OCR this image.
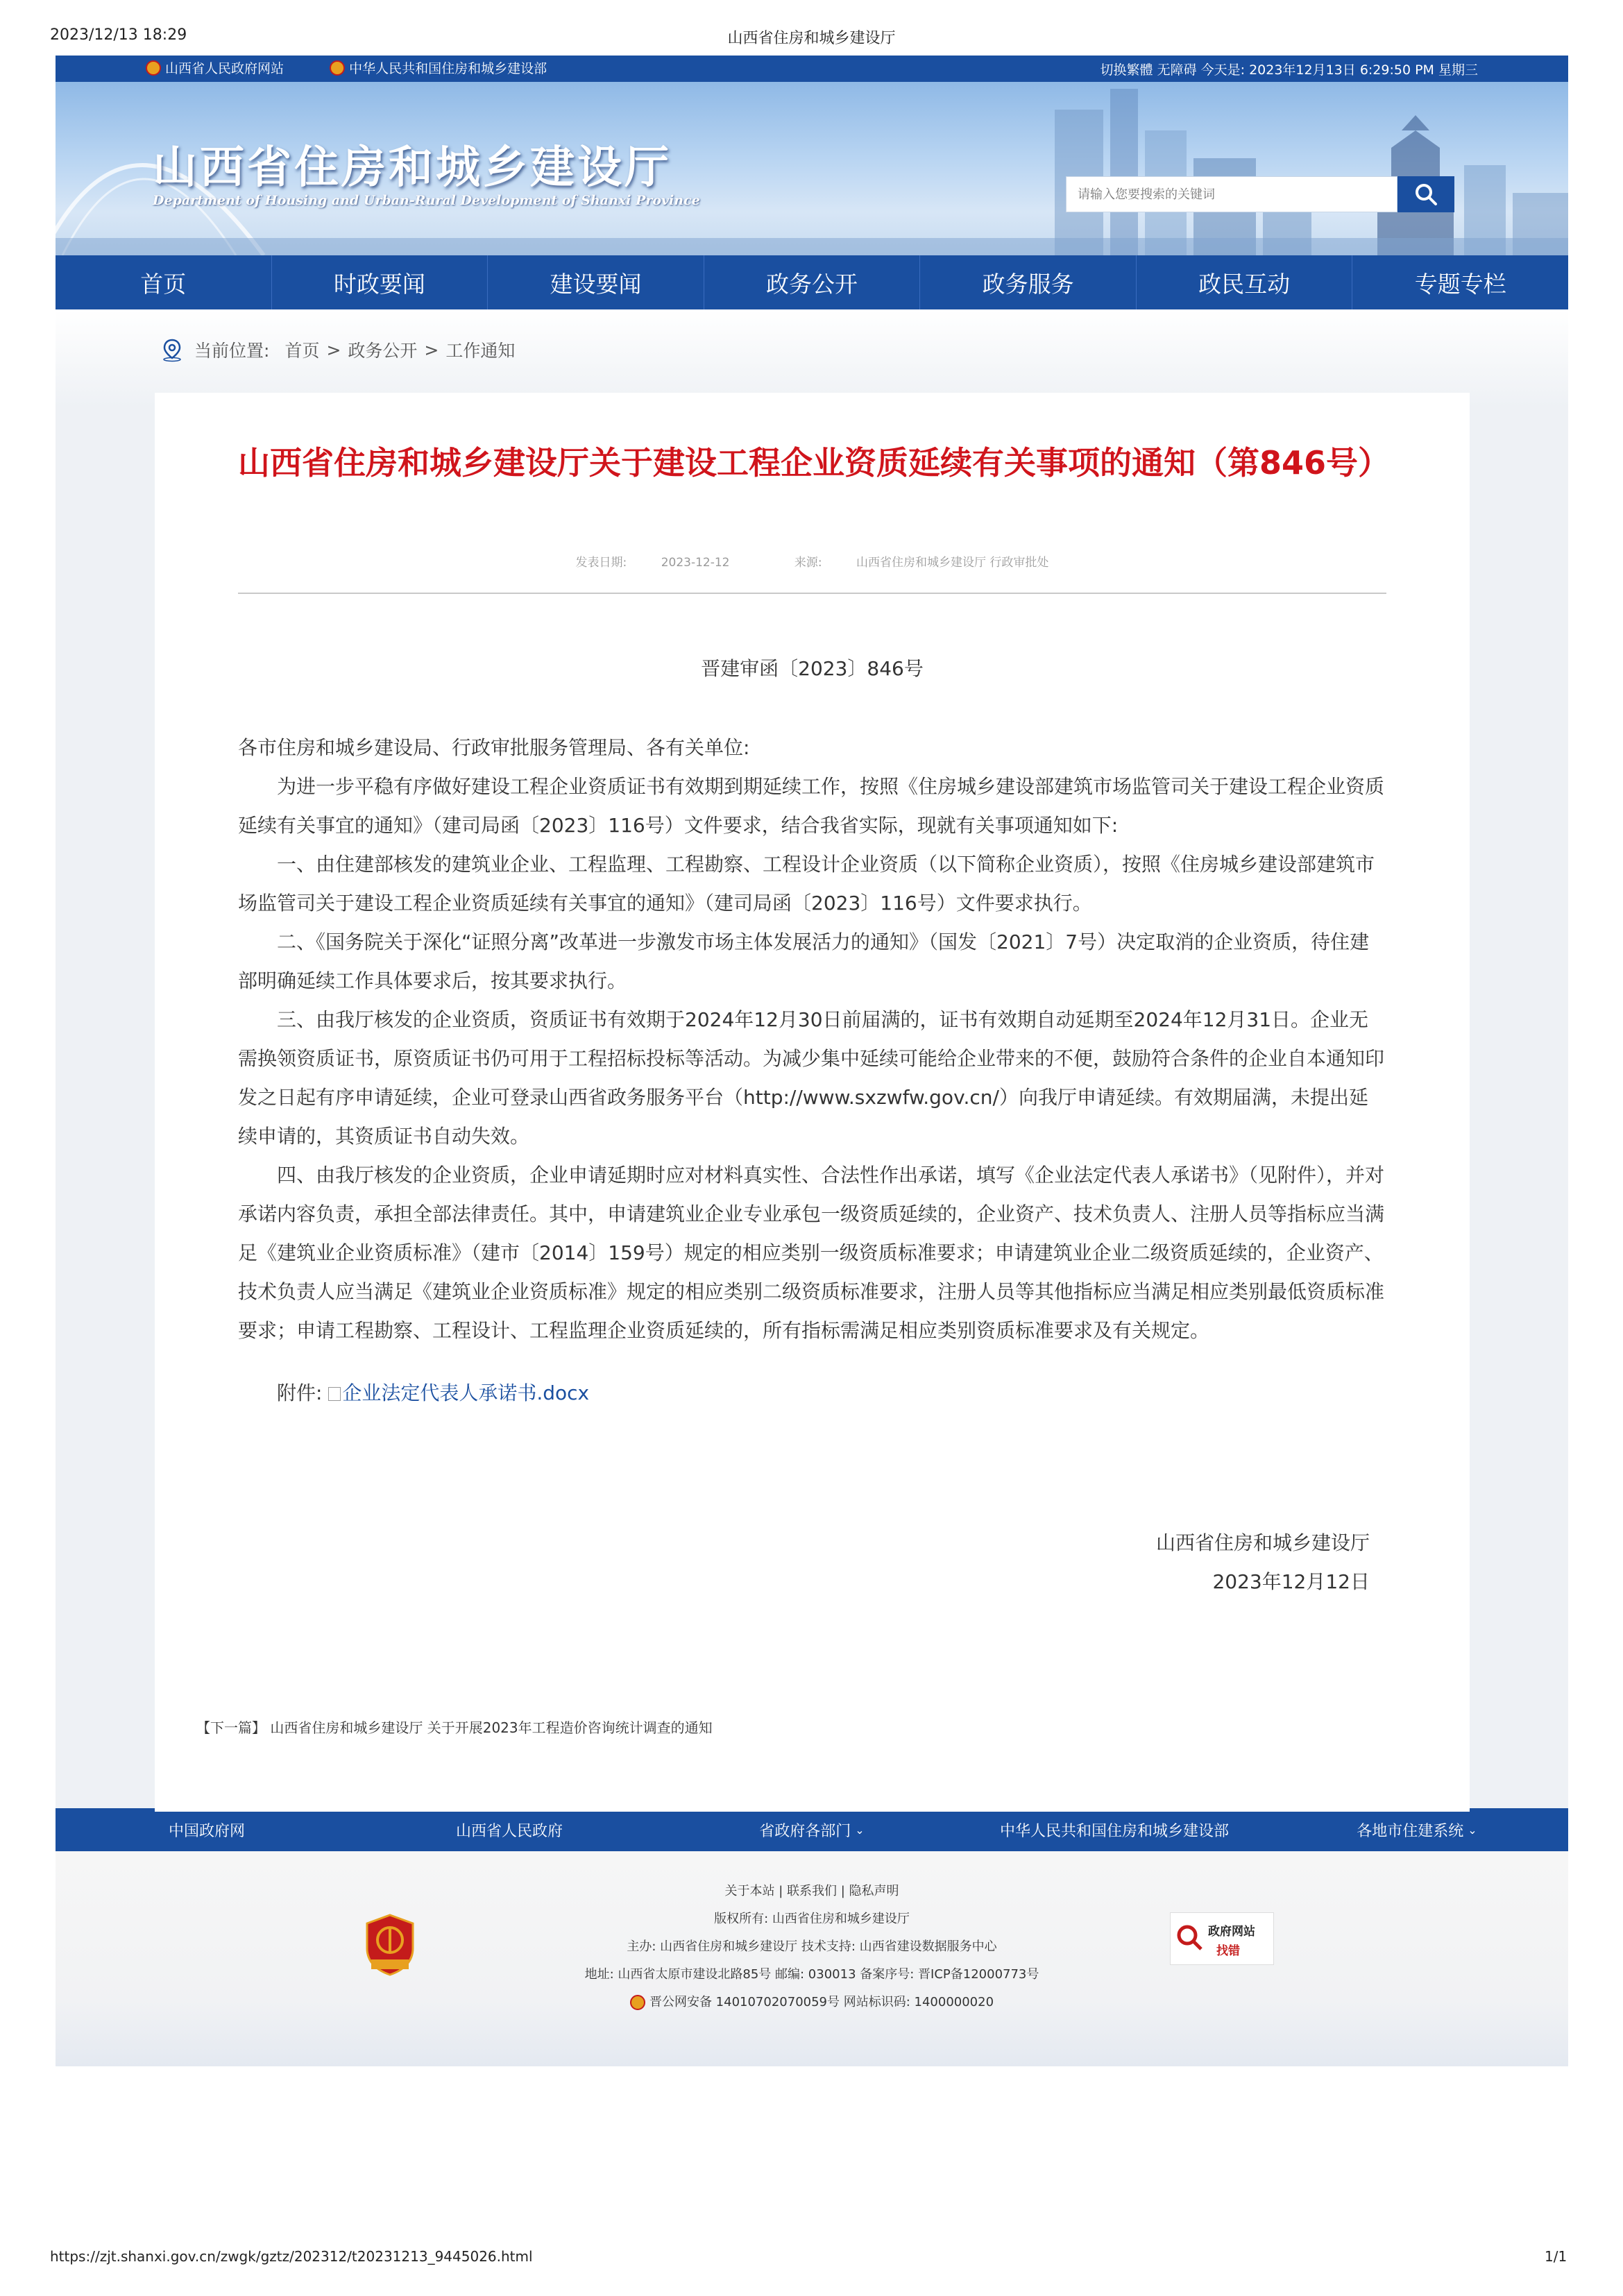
2023/12/13 18:29	山西省住房和城乡建设厅
山西省人民政府网站
	中华人民共和国住房和城乡建设部	切换繁體 无障碍 今天是: 2023年12月13日 6:29:50 PM 星期三
山西省住房和城乡建设厅
Department of Housing and Urban-Rural Development of Shanxi Province
请输入您要搜索的关键词
首页	时政要闻	建设要闻	政务公开	政务服务	政民互动	专题专栏
当前位置: 首页 > 政务公开 > 工作通知
山西省住房和城乡建设厅关于建设工程企业资质延续有关事项的通知（第846号）
发表日期:	2023-12-12	来源:	山西省住房和城乡建设厅 行政审批处

晋建审函〔2023〕846号

各市住房和城乡建设局、行政审批服务管理局、各有关单位:

为进一步平稳有序做好建设工程企业资质证书有效期到期延续工作，按照《住房城乡建设部建筑市场监管司关于建设工程企业资质延续有关事宜的通知》（建司局函〔2023〕116号）文件要求，结合我省实际，现就有关事项通知如下:

一、由住建部核发的建筑业企业、工程监理、工程勘察、工程设计企业资质（以下简称企业资质），按照《住房城乡建设部建筑市场监管司关于建设工程企业资质延续有关事宜的通知》（建司局函〔2023〕116号）文件要求执行。

二、《国务院关于深化“证照分离”改革进一步激发市场主体发展活力的通知》（国发〔2021〕7号）决定取消的企业资质，待住建部明确延续工作具体要求后，按其要求执行。

三、由我厅核发的企业资质，资质证书有效期于2024年12月30日前届满的，证书有效期自动延期至2024年12月31日。企业无需换领资质证书，原资质证书仍可用于工程招标投标等活动。为减少集中延续可能给企业带来的不便，鼓励符合条件的企业自本通知印发之日起有序申请延续，企业可登录山西省政务服务平台（http://www.sxzwfw.gov.cn/）向我厅申请延续。有效期届满，未提出延续申请的，其资质证书自动失效。

四、由我厅核发的企业资质，企业申请延期时应对材料真实性、合法性作出承诺，填写《企业法定代表人承诺书》（见附件），并对承诺内容负责，承担全部法律责任。其中，申请建筑业企业专业承包一级资质延续的，企业资产、技术负责人、注册人员等指标应当满足《建筑业企业资质标准》（建市〔2014〕159号）规定的相应类别一级资质标准要求；申请建筑业企业二级资质延续的，企业资产、技术负责人应当满足《建筑业企业资质标准》规定的相应类别二级资质标准要求，注册人员等其他指标应当满足相应类别最低资质标准要求；申请工程勘察、工程设计、工程监理企业资质延续的，所有指标需满足相应类别资质标准要求及有关规定。

附件: 企业法定代表人承诺书.docx

山西省住房和城乡建设厅

2023年12月12日

【下一篇】 山西省住房和城乡建设厅 关于开展2023年工程造价咨询统计调查的通知
中国政府网	山西省人民政府	省政府各部门 ⌄	中华人民共和国住房和城乡建设部	各地市住建系统 ⌄
关于本站 | 联系我们 | 隐私声明
版权所有: 山西省住房和城乡建设厅
主办: 山西省住房和城乡建设厅 技术支持: 山西省建设数据服务中心
地址: 山西省太原市建设北路85号 邮编: 030013 备案序号: 晋ICP备12000773号
晋公网安备 14010702070059号 网站标识码: 1400000020
政府网站
找错
https://zjt.shanxi.gov.cn/zwgk/gztz/202312/t20231213_9445026.html	1/1
